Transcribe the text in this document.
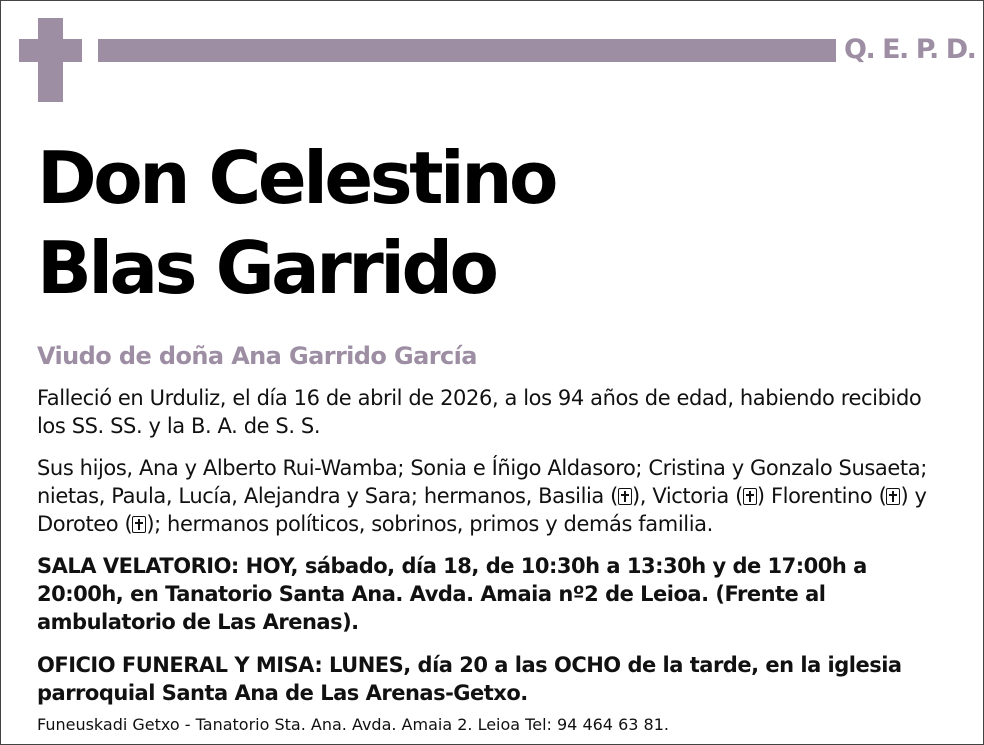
Q. E. P. D.
Don Celestino
Blas Garrido
Viudo de doña Ana Garrido García
Falleció en Urduliz, el día 16 de abril de 2026, a los 94 años de edad, habiendo recibido los SS. SS. y la B. A. de S. S.
Sus hijos, Ana y Alberto Rui-Wamba; Sonia e Íñigo Aldasoro; Cristina y Gonzalo Susaeta; nietas, Paula, Lucía, Alejandra y Sara; hermanos, Basilia ( ), Victoria ( ) Florentino ( ) y Doroteo ( ); hermanos políticos, sobrinos, primos y demás familia.
SALA VELATORIO: HOY, sábado, día 18, de 10:30h a 13:30h y de 17:00h a 20:00h, en Tanatorio Santa Ana. Avda. Amaia nº2 de Leioa. (Frente al ambulatorio de Las Arenas).
OFICIO FUNERAL Y MISA: LUNES, día 20 a las OCHO de la tarde, en la iglesia parroquial Santa Ana de Las Arenas-Getxo.
Funeuskadi Getxo - Tanatorio Sta. Ana. Avda. Amaia 2. Leioa Tel: 94 464 63 81.
